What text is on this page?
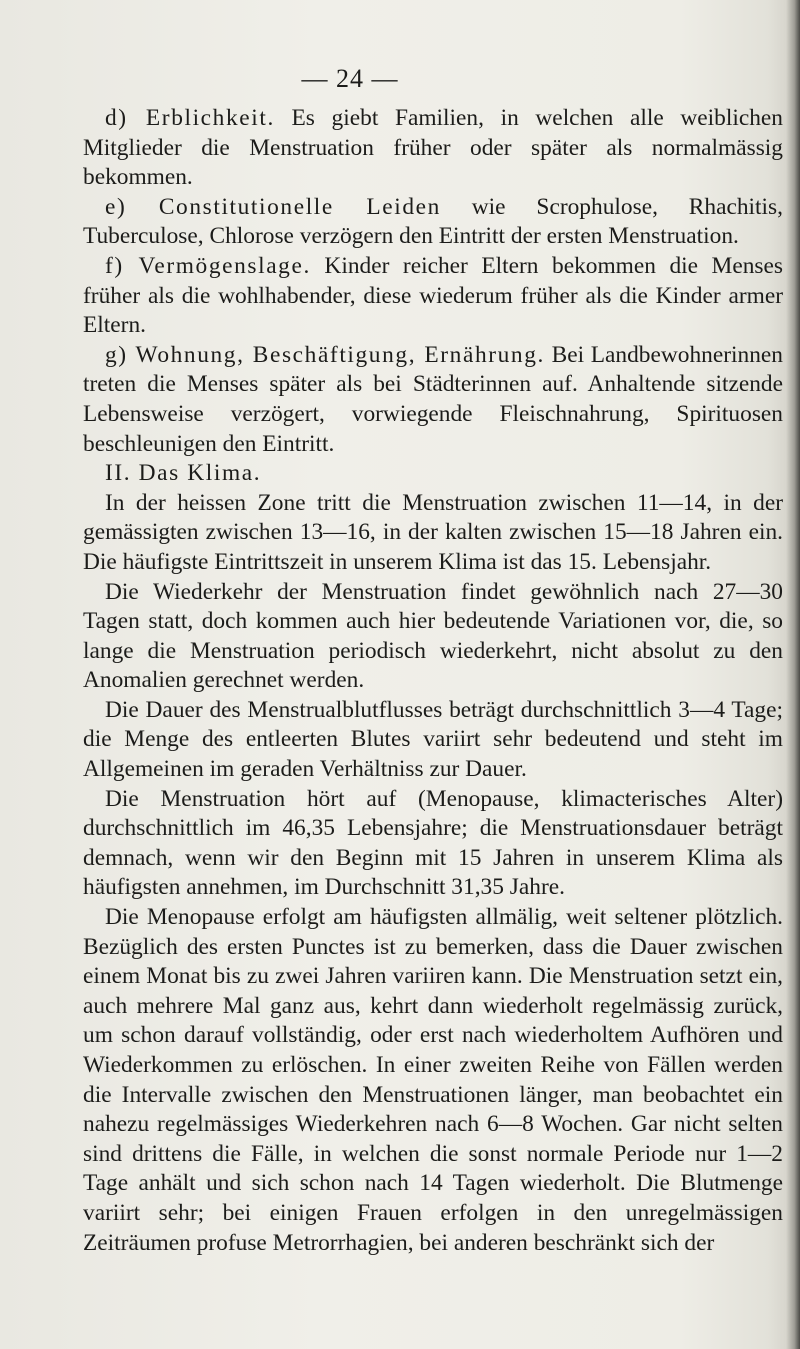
— 24 —

d) Erblichkeit. Es giebt Familien, in welchen alle weiblichen Mitglieder die Menstruation früher oder später als normalmässig bekommen.

e) Constitutionelle Leiden wie Scrophulose, Rhachitis, Tuberculose, Chlorose verzögern den Eintritt der ersten Menstruation.

f) Vermögenslage. Kinder reicher Eltern bekommen die Menses früher als die wohlhabender, diese wiederum früher als die Kinder armer Eltern.

g) Wohnung, Beschäftigung, Ernährung. Bei Landbewohnerinnen treten die Menses später als bei Städterinnen auf. Anhaltende sitzende Lebensweise verzögert, vorwiegende Fleischnahrung, Spirituosen beschleunigen den Eintritt.

II. Das Klima.

In der heissen Zone tritt die Menstruation zwischen 11—14, in der gemässigten zwischen 13—16, in der kalten zwischen 15—18 Jahren ein. Die häufigste Eintrittszeit in unserem Klima ist das 15. Lebensjahr.

Die Wiederkehr der Menstruation findet gewöhnlich nach 27—30 Tagen statt, doch kommen auch hier bedeutende Variationen vor, die, so lange die Menstruation periodisch wiederkehrt, nicht absolut zu den Anomalien gerechnet werden.

Die Dauer des Menstrualblutflusses beträgt durchschnittlich 3—4 Tage; die Menge des entleerten Blutes variirt sehr bedeutend und steht im Allgemeinen im geraden Verhältniss zur Dauer.

Die Menstruation hört auf (Menopause, klimacterisches Alter) durchschnittlich im 46,35 Lebensjahre; die Menstruationsdauer beträgt demnach, wenn wir den Beginn mit 15 Jahren in unserem Klima als häufigsten annehmen, im Durchschnitt 31,35 Jahre.

Die Menopause erfolgt am häufigsten allmälig, weit seltener plötzlich. Bezüglich des ersten Punctes ist zu bemerken, dass die Dauer zwischen einem Monat bis zu zwei Jahren variiren kann. Die Menstruation setzt ein, auch mehrere Mal ganz aus, kehrt dann wiederholt regelmässig zurück, um schon darauf vollständig, oder erst nach wiederholtem Aufhören und Wiederkommen zu erlöschen. In einer zweiten Reihe von Fällen werden die Intervalle zwischen den Menstruationen länger, man beobachtet ein nahezu regelmässiges Wiederkehren nach 6—8 Wochen. Gar nicht selten sind drittens die Fälle, in welchen die sonst normale Periode nur 1—2 Tage anhält und sich schon nach 14 Tagen wiederholt. Die Blutmenge variirt sehr; bei einigen Frauen erfolgen in den unregelmässigen Zeiträumen profuse Metrorrhagien, bei anderen beschränkt sich der
